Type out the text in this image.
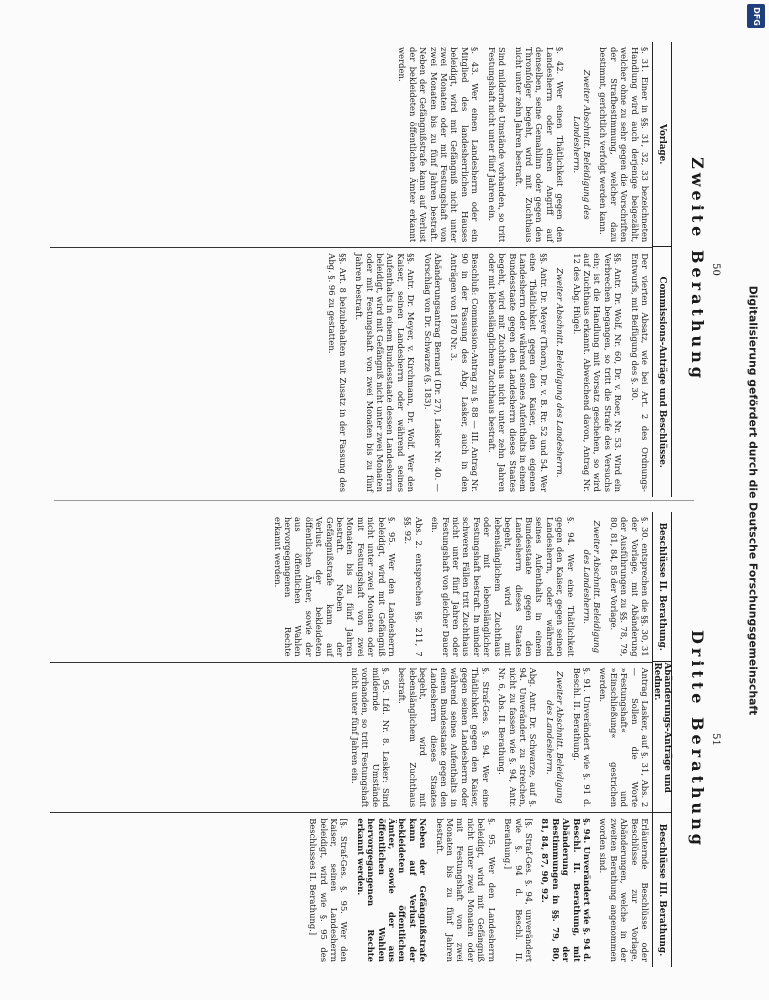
50
Zweite Berathung
Vorlage.
Commissions-Anträge und Beschlüsse.

§. 31. Einer in §§. 31, 32, 33 bezeichneten Handlung wird auch derjenige beigezählt, welcher ohne zu sehr gegen die Vorschriften der Strafbestimmung, welcher dazu bestimmt, gerichtlich verfolgt werden kann.

Zweiter Abschnitt. Beleidigung des Landesherrn.

§. 42. Wer einen Thätlichkeit gegen den Landesherrn oder einen Angriff auf denselben, seine Gemahlinn oder gegen den Thronfolger begeht, wird mit Zuchthaus nicht unter zehn Jahren bestraft.

Sind mildernde Umstände vorhanden, so tritt Festungshaft nicht unter fünf Jahren ein.

§. 43. Wer einen Landesherrn oder ein Mitglied des landesherrlichen Hauses beleidigt, wird mit Gefängniß nicht unter zwei Monaten oder mit Festungshaft von zwei Monaten bis zu fünf Jahren bestraft. Neben der Gefängnißstrafe kann auf Verlust der bekleideten öffentlichen Ämter erkannt werden.

Der vierten Absatz, wie bei Art. 2 des Ordnungs-Entwurfs, mit Beifügung des §. 30.

§§. Antr. Dr. Wolf, Nr. 60, Dr. v. Roer, Nr. 53. Wird ein Verbrechen begangen, so tritt die Strafe des Versuchs ein; ist die Handlung mit Vorsatz geschehen, so wird auf Zuchthaus erkannt. Abweichend davon, Antrag Nr. 12 des Abg. Hügel.

Zweiter Abschnitt. Beleidigung des Landesherrn.

§§. Antr. Dr. Meyer (Thorn), Dr. v. B. Rr. 52 und 54. Wer eine Thätlichkeit gegen den Kaiser, den eigenen Landesherrn oder während seines Aufenthalts in einem Bundesstaate gegen den Landesherrn dieses Staates begeht, wird mit Zuchthaus nicht unter zehn Jahren oder mit lebenslänglichem Zuchthaus bestraft.

Beschluß: Commission-Antrag zu §. 88 — III. Antrag Nr. 90 in der Fassung des Abg. Lasker, auch in den Anträgen von 1870 Nr. 3.

Abänderungsantrag Bernard (Dr. 27), Lasker Nr. 40. — Vorschlag von Dr. Schwarze (§. 183).

§§. Antr. Dr. Meyer, v. Kirchmann, Dr. Wolf. Wer den Kaiser, seinen Landesherrn oder während seines Aufenthalts in einem Bundesstaate dessen Landesherrn beleidigt, wird mit Gefängniß nicht unter zwei Monaten oder mit Festungshaft von zwei Monaten bis zu fünf Jahren bestraft.

§§. Art. 8 beizubehalten mit Zusatz in der Fassung des Abg. §. 96 zu gestatten.

51
Dritte Berathung
Beschlüsse II. Berathung.
Abänderungs-Anträge und Redner.
Beschlüsse III. Berathung.

§. 30. entsprechen die §§. 30, 31 der Vorlage, mit Abänderung der Ausführungen zu §§. 78, 79, 80, 81, 84, 85 der Vorlage.

Zweiter Abschnitt. Beleidigung des Landesherrn.

§. 94. Wer eine Thätlichkeit gegen den Kaiser, gegen seinen Landesherrn, oder während seines Aufenthalts in einem Bundesstaate gegen den Landesherrn dieses Staates begeht, wird mit lebenslänglichem Zuchthaus oder mit lebenslänglicher Festungshaft bestraft. In minder schweren Fällen tritt Zuchthaus nicht unter fünf Jahren oder Festungshaft von gleicher Dauer ein.

Abs. 2. entsprechen §§. 211, 7 §§. 92.

§. 95. Wer den Landesherrn beleidigt, wird mit Gefängniß nicht unter zwei Monaten oder mit Festungshaft von zwei Monaten bis zu fünf Jahren bestraft. Neben der Gefängnißstrafe kann auf Verlust der bekleideten öffentlichen Ämter, sowie der aus öffentlichen Wahlen hervorgegangenen Rechte erkannt werden.

Antrag Lasker, auf §. 31, Abs. 2 — Sollen die Worte »Festungshaft« und »Einschließung« gestrichen werden.

§. 91. Unverändert wie §. 91 d. Beschl. II. Berathung.

Zweiter Abschnitt. Beleidigung des Landesherrn.

Abg. Antr. Dr. Schwarze, auf §. 94. Unverändert zu streichen, nicht zu fassen wie §. 94, Antr. Nr. 6, Abs. II. Berathung.

§. Straf-Ges. §. 94. Wer eine Thätlichkeit gegen den Kaiser, gegen seinen Landesherrn oder während seines Aufenthalts in einem Bundesstaate gegen den Landesherrn dieses Staates begeht, wird mit lebenslänglichem Zuchthaus bestraft.

§. 95. Lfd. Nr. 8. Lasker: Sind mildernde Umstände vorhanden, so tritt Festungshaft nicht unter fünf Jahren ein.

Erläuternde Beschlüsse oder Beschlüsse zur Vorlage, Abänderungen, welche in der zweiten Berathung angenommen worden sind.

§. 94. Unverändert wie §. 94 d. Beschl. II. Berathung, mit Abänderung der Bestimmungen in §§. 79, 80, 81, 84, 87, 90, 92.

[§. Straf-Ges. §. 94, unverändert wie §. 94 d. Beschl. II. Berathung.]

§. 95. Wer den Landesherrn beleidigt, wird mit Gefängniß nicht unter zwei Monaten oder mit Festungshaft von zwei Monaten bis zu fünf Jahren bestraft.

Neben der Gefängnißstrafe kann auf Verlust der bekleideten öffentlichen Ämter, sowie der aus öffentlichen Wahlen hervorgegangenen Rechte erkannt werden.

[§. Straf-Ges. §. 95. Wer den Kaiser, seinen Landesherrn beleidigt, wird wie §. 95 des Beschlusses II. Berathung.]

DFG
Digitalisierung gefördert durch die Deutsche Forschungsgemeinschaft
